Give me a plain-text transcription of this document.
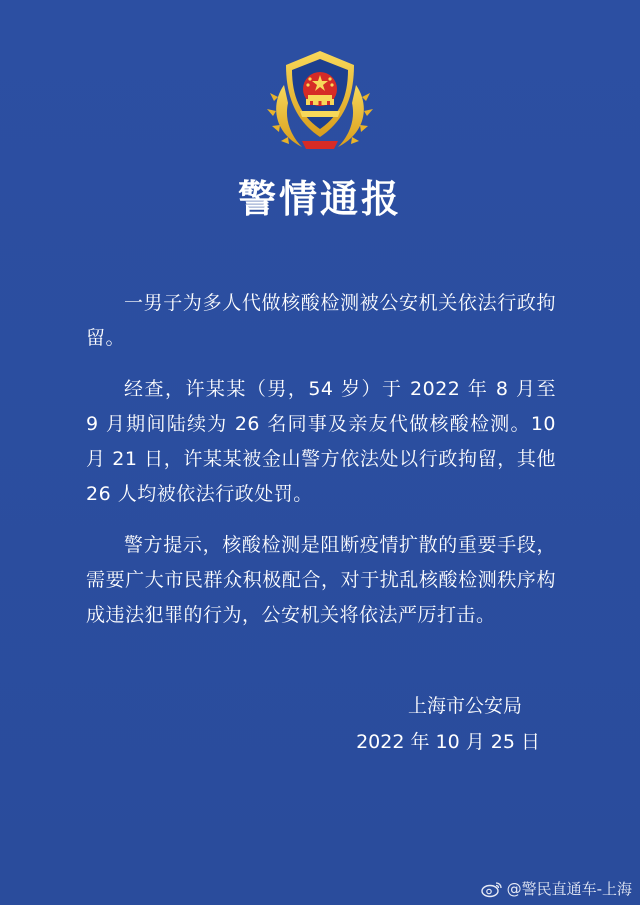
警情通报

一男子为多人代做核酸检测被公安机关依法行政拘留。

经查，许某某（男，54 岁）于 2022 年 8 月至 9 月期间陆续为 26 名同事及亲友代做核酸检测。10 月 21 日，许某某被金山警方依法处以行政拘留，其他 26 人均被依法行政处罚。

警方提示，核酸检测是阻断疫情扩散的重要手段，需要广大市民群众积极配合，对于扰乱核酸检测秩序构成违法犯罪的行为，公安机关将依法严厉打击。

上海市公安局
2022 年 10 月 25 日
@警民直通车-上海
